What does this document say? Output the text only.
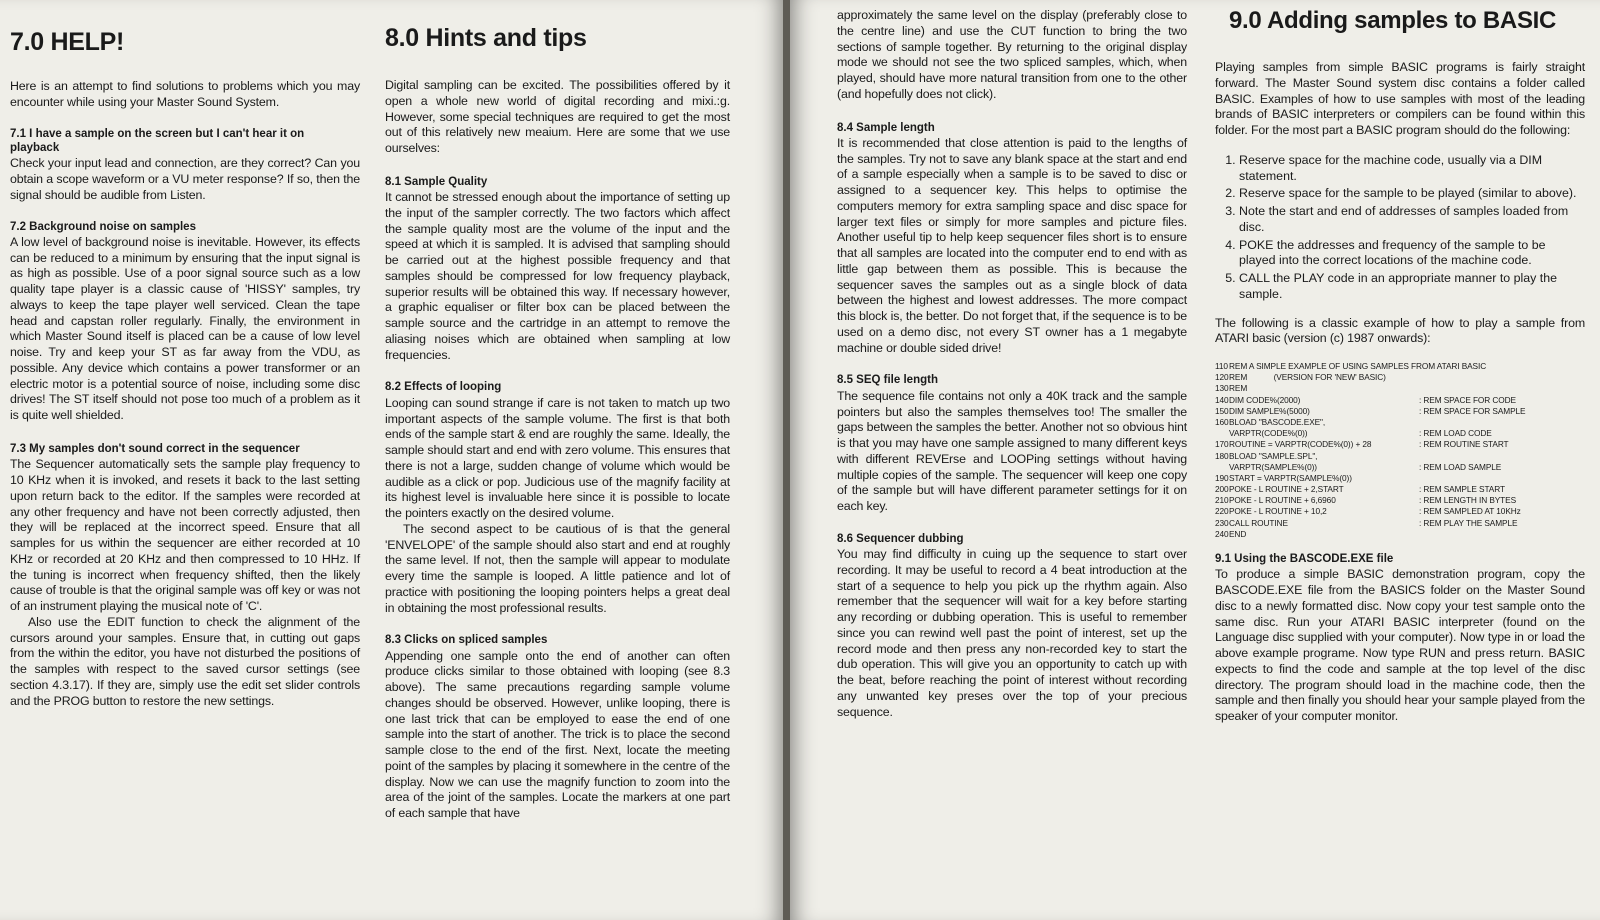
7.0 HELP!

Here is an attempt to find solutions to problems which you may encounter while using your Master Sound System.

7.1 I have a sample on the screen but I can't hear it on playback

Check your input lead and connection, are they correct? Can you obtain a scope waveform or a VU meter response? If so, then the signal should be audible from Listen.

7.2 Background noise on samples

A low level of background noise is inevitable. However, its effects can be reduced to a minimum by ensuring that the input signal is as high as possible. Use of a poor signal source such as a low quality tape player is a classic cause of 'HISSY' samples, try always to keep the tape player well serviced. Clean the tape head and capstan roller regularly. Finally, the environment in which Master Sound itself is placed can be a cause of low level noise. Try and keep your ST as far away from the VDU, as possible. Any device which contains a power transformer or an electric motor is a potential source of noise, including some disc drives! The ST itself should not pose too much of a problem as it is quite well shielded.

7.3 My samples don't sound correct in the sequencer

The Sequencer automatically sets the sample play frequency to 10 KHz when it is invoked, and resets it back to the last setting upon return back to the editor. If the samples were recorded at any other frequency and have not been correctly adjusted, then they will be replaced at the incorrect speed. Ensure that all samples for us within the sequencer are either recorded at 10 KHz or recorded at 20 KHz and then compressed to 10 HHz. If the tuning is incorrect when frequency shifted, then the likely cause of trouble is that the original sample was off key or was not of an instrument playing the musical note of 'C'.

Also use the EDIT function to check the alignment of the cursors around your samples. Ensure that, in cutting out gaps from the within the editor, you have not disturbed the positions of the samples with respect to the saved cursor settings (see section 4.3.17). If they are, simply use the edit set slider controls and the PROG button to restore the new settings.

8.0 Hints and tips

Digital sampling can be excited. The possibilities offered by it open a whole new world of digital recording and mixi.:g. However, some special techniques are required to get the most out of this relatively new meaium. Here are some that we use ourselves:

8.1 Sample Quality

It cannot be stressed enough about the importance of setting up the input of the sampler correctly. The two factors which affect the sample quality most are the volume of the input and the speed at which it is sampled. It is advised that sampling should be carried out at the highest possible frequency and that samples should be compressed for low frequency playback, superior results will be obtained this way. If necessary however, a graphic equaliser or filter box can be placed between the sample source and the cartridge in an attempt to remove the aliasing noises which are obtained when sampling at low frequencies.

8.2 Effects of looping

Looping can sound strange if care is not taken to match up two important aspects of the sample volume. The first is that both ends of the sample start & end are roughly the same. Ideally, the sample should start and end with zero volume. This ensures that there is not a large, sudden change of volume which would be audible as a click or pop. Judicious use of the magnify facility at its highest level is invaluable here since it is possible to locate the pointers exactly on the desired volume.

The second aspect to be cautious of is that the general 'ENVELOPE' of the sample should also start and end at roughly the same level. If not, then the sample will appear to modulate every time the sample is looped. A little patience and lot of practice with positioning the looping pointers helps a great deal in obtaining the most professional results.

8.3 Clicks on spliced samples

Appending one sample onto the end of another can often produce clicks similar to those obtained with looping (see 8.3 above). The same precautions regarding sample volume changes should be observed. However, unlike looping, there is one last trick that can be employed to ease the end of one sample into the start of another. The trick is to place the second sample close to the end of the first. Next, locate the meeting point of the samples by placing it somewhere in the centre of the display. Now we can use the magnify function to zoom into the area of the joint of the samples. Locate the markers at one part of each sample that have

approximately the same level on the display (preferably close to the centre line) and use the CUT function to bring the two sections of sample together. By returning to the original display mode we should not see the two spliced samples, which, when played, should have more natural transition from one to the other (and hopefully does not click).

8.4 Sample length

It is recommended that close attention is paid to the lengths of the samples. Try not to save any blank space at the start and end of a sample especially when a sample is to be saved to disc or assigned to a sequencer key. This helps to optimise the computers memory for extra sampling space and disc space for larger text files or simply for more samples and picture files. Another useful tip to help keep sequencer files short is to ensure that all samples are located into the computer end to end with as little gap between them as possible. This is because the sequencer saves the samples out as a single block of data between the highest and lowest addresses. The more compact this block is, the better. Do not forget that, if the sequence is to be used on a demo disc, not every ST owner has a 1 megabyte machine or double sided drive!

8.5 SEQ file length

The sequence file contains not only a 40K track and the sample pointers but also the samples themselves too! The smaller the gaps between the samples the better. Another not so obvious hint is that you may have one sample assigned to many different keys with different REVErse and LOOPing settings without having multiple copies of the sample. The sequencer will keep one copy of the sample but will have different parameter settings for it on each key.

8.6 Sequencer dubbing

You may find difficulty in cuing up the sequence to start over recording. It may be useful to record a 4 beat introduction at the start of a sequence to help you pick up the rhythm again. Also remember that the sequencer will wait for a key before starting any recording or dubbing operation. This is useful to remember since you can rewind well past the point of interest, set up the record mode and then press any non-recorded key to start the dub operation. This will give you an opportunity to catch up with the beat, before reaching the point of interest without recording any unwanted key preses over the top of your precious sequence.

9.0 Adding samples to BASIC

Playing samples from simple BASIC programs is fairly straight forward. The Master Sound system disc contains a folder called BASIC. Examples of how to use samples with most of the leading brands of BASIC interpreters or compilers can be found within this folder. For the most part a BASIC program should do the following:

1. Reserve space for the machine code, usually via a DIM statement.
2. Reserve space for the sample to be played (similar to above).
3. Note the start and end of addresses of samples loaded from disc.
4. POKE the addresses and frequency of the sample to be played into the correct locations of the machine code.
5. CALL the PLAY code in an appropriate manner to play the sample.

The following is a classic example of how to play a sample from ATARI basic (version (c) 1987 onwards):

110 REM A SIMPLE EXAMPLE OF USING SAMPLES FROM ATARI BASIC
120 REM            (VERSION FOR 'NEW' BASIC)
130 REM
140 DIM CODE%(2000)	: REM SPACE FOR CODE
150 DIM SAMPLE%(5000)	: REM SPACE FOR SAMPLE
160 BLOAD "BASCODE.EXE",
VARPTR(CODE%(0))	: REM LOAD CODE
170 ROUTINE = VARPTR(CODE%(0)) + 28	: REM ROUTINE START
180 BLOAD "SAMPLE.SPL",
VARPTR(SAMPLE%(0))	: REM LOAD SAMPLE
190 START = VARPTR(SAMPLE%(0))
200 POKE - L ROUTINE + 2,START	: REM SAMPLE START
210 POKE - L ROUTINE + 6,6960	: REM LENGTH IN BYTES
220 POKE - L ROUTINE + 10,2	: REM SAMPLED AT 10KHz
230 CALL ROUTINE	: REM PLAY THE SAMPLE
240 END
9.1 Using the BASCODE.EXE file

To produce a simple BASIC demonstration program, copy the BASCODE.EXE file from the BASICS folder on the Master Sound disc to a newly formatted disc. Now copy your test sample onto the same disc. Run your ATARI BASIC interpreter (found on the Language disc supplied with your computer). Now type in or load the above example programe. Now type RUN and press return. BASIC expects to find the code and sample at the top level of the disc directory. The program should load in the machine code, then the sample and then finally you should hear your sample played from the speaker of your computer monitor.
